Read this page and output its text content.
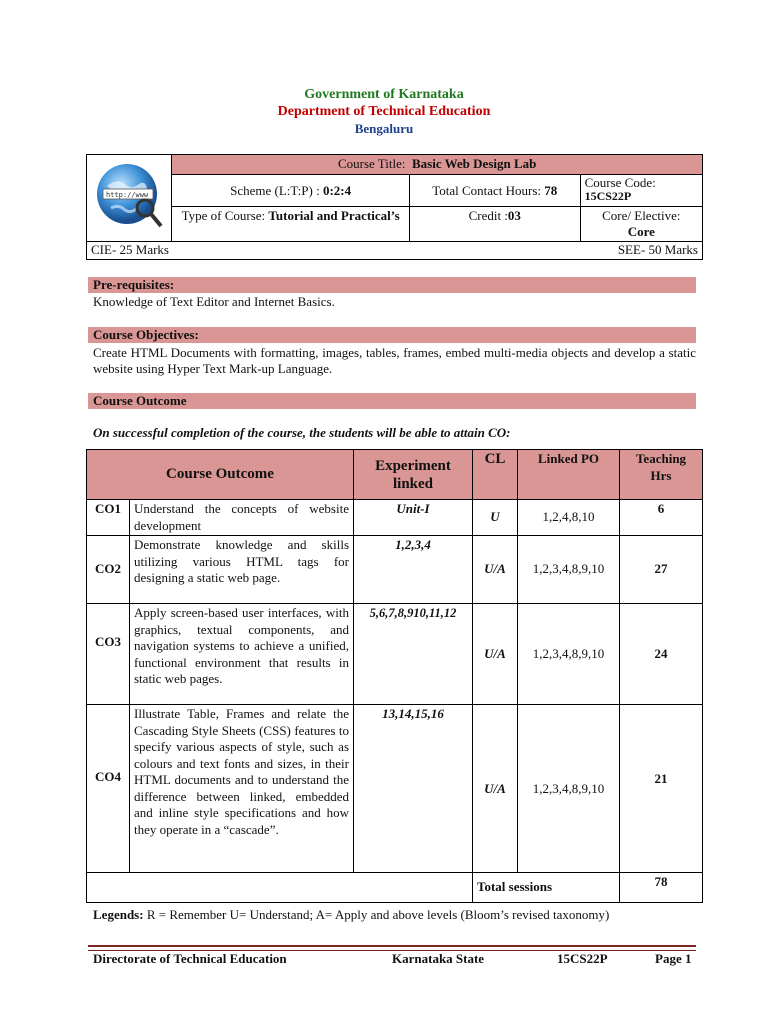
Government of Karnataka
Department of Technical Education
Bengaluru
http://www	Course Title: Basic Web Design Lab		
	Scheme (L:T:P) : 0:2:4	Total Contact Hours: 78	Course Code:
15CS22P
	Type of Course: Tutorial and Practical’s	Credit :03	Core/ Elective:
Core
CIE- 25 Marks SEE- 50 Marks			
Pre-requisites:
Knowledge of Text Editor and Internet Basics.
Course Objectives:
Create HTML Documents with formatting, images, tables, frames, embed multi-media objects and develop a static website using Hyper Text Mark-up Language.
Course Outcome
On successful completion of the course, the students will be able to attain CO:
Course Outcome		Experiment linked	CL	Linked PO	Teaching Hrs
CO1	Understand the concepts of website development	Unit-I	U	1,2,4,8,10	6
CO2	Demonstrate knowledge and skills utilizing various HTML tags for designing a static web page.	1,2,3,4	U/A	1,2,3,4,8,9,10	27
CO3	Apply screen-based user interfaces, with graphics, textual components, and navigation systems to achieve a unified, functional environment that results in static web pages.	5,6,7,8,910,11,12	U/A	1,2,3,4,8,9,10	24
CO4	Illustrate Table, Frames and relate the Cascading Style Sheets (CSS) features to specify various aspects of style, such as colours and text fonts and sizes, in their HTML documents and to understand the difference between linked, embedded and inline style specifications and how they operate in a “cascade”.	13,14,15,16	U/A	1,2,3,4,8,9,10	21
			Total sessions		78
Legends: R = Remember U= Understand; A= Apply and above levels (Bloom’s revised taxonomy)
Directorate of Technical Education	Karnataka State	15CS22P	Page 1
